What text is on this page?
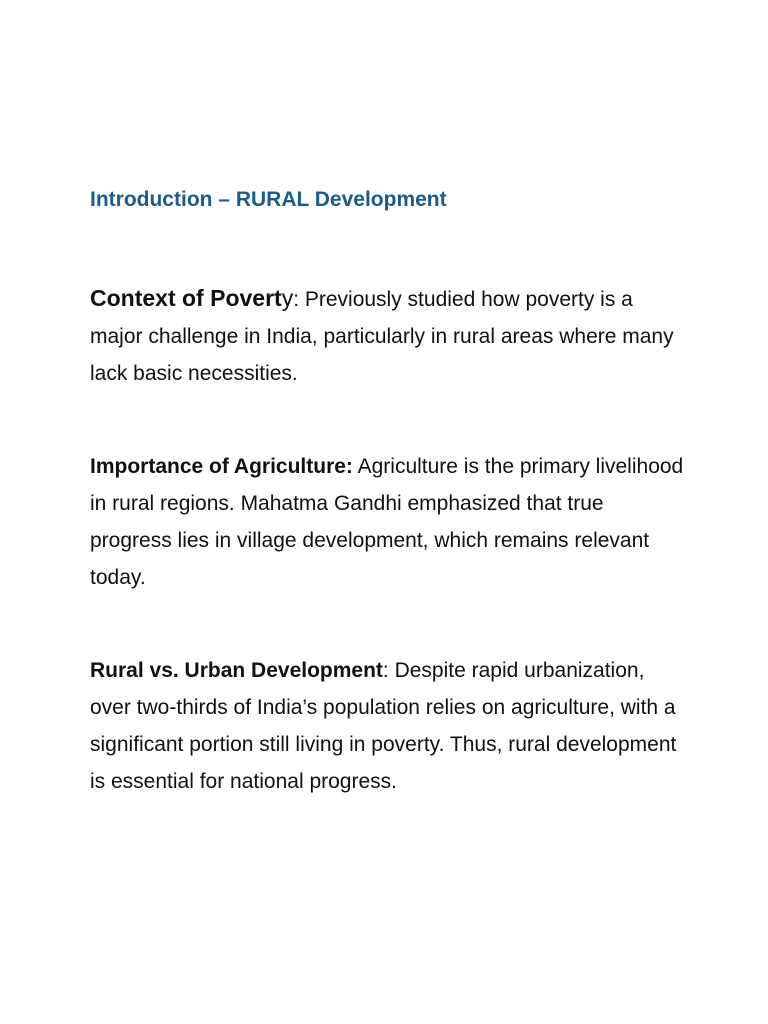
Introduction – RURAL Development

Context of Poverty: Previously studied how poverty is a major challenge in India, particularly in rural areas where many lack basic necessities.

Importance of Agriculture: Agriculture is the primary livelihood in rural regions. Mahatma Gandhi emphasized that true progress lies in village development, which remains relevant today.

Rural vs. Urban Development: Despite rapid urbanization, over two-thirds of India’s population relies on agriculture, with a significant portion still living in poverty. Thus, rural development is essential for national progress.
